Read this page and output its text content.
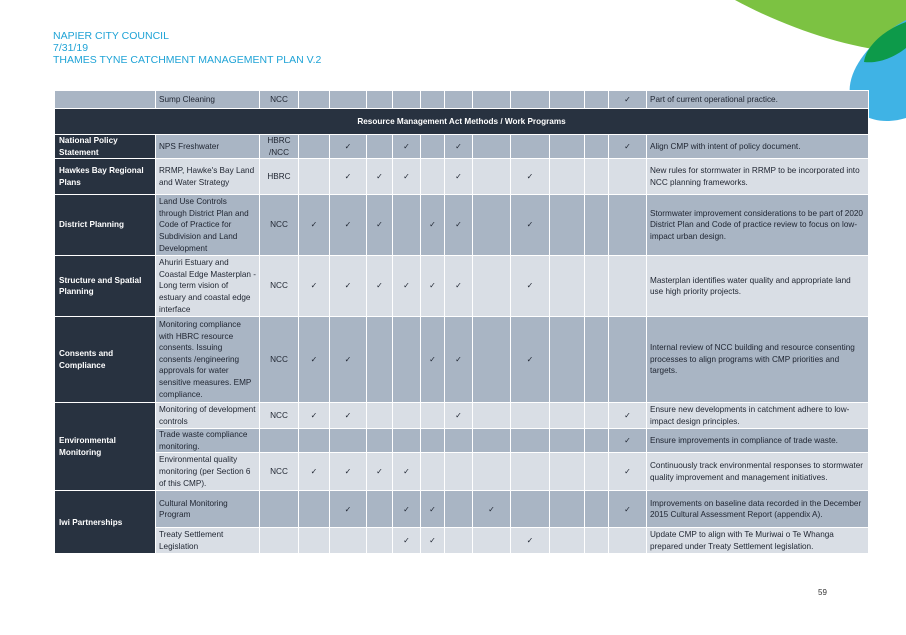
NAPIER CITY COUNCIL
7/31/19
THAMES TYNE CATCHMENT MANAGEMENT PLAN V.2
	Sump Cleaning	NCC											✓	Part of current operational practice.
Resource Management Act Methods / Work Programs														
National Policy Statement	NPS Freshwater	HBRC /NCC		✓		✓		✓					✓	Align CMP with intent of policy document.
Hawkes Bay Regional Plans	RRMP, Hawke's Bay Land and Water Strategy	HBRC		✓	✓	✓		✓		✓				New rules for stormwater in RRMP to be incorporated into NCC planning frameworks.
District Planning	Land Use Controls through District Plan and Code of Practice for Subdivision and Land Development	NCC	✓	✓	✓		✓	✓		✓				Stormwater improvement considerations to be part of 2020 District Plan and Code of practice review to focus on low-impact urban design.
Structure and Spatial Planning	Ahuriri Estuary and Coastal Edge Masterplan - Long term vision of estuary and coastal edge interface	NCC	✓	✓	✓	✓	✓	✓		✓				Masterplan identifies water quality and appropriate land use high priority projects.
Consents and Compliance	Monitoring compliance with HBRC resource consents. Issuing consents /engineering approvals for water sensitive measures. EMP compliance.	NCC	✓	✓			✓	✓		✓				Internal review of NCC building and resource consenting processes to align programs with CMP priorities and targets.
Environmental Monitoring	Monitoring of development controls	NCC	✓	✓				✓					✓	Ensure new developments in catchment adhere to low-impact design principles.
	Trade waste compliance monitoring.												✓	Ensure improvements in compliance of trade waste.
	Environmental quality monitoring (per Section 6 of this CMP).	NCC	✓	✓	✓	✓							✓	Continuously track environmental responses to stormwater quality improvement and management initiatives.
Iwi Partnerships	Cultural Monitoring Program			✓		✓	✓		✓				✓	Improvements on baseline data recorded in the December 2015 Cultural Assessment Report (appendix A).
	Treaty Settlement Legislation					✓	✓			✓				Update CMP to align with Te Muriwai o Te Whanga prepared under Treaty Settlement legislation.
59
